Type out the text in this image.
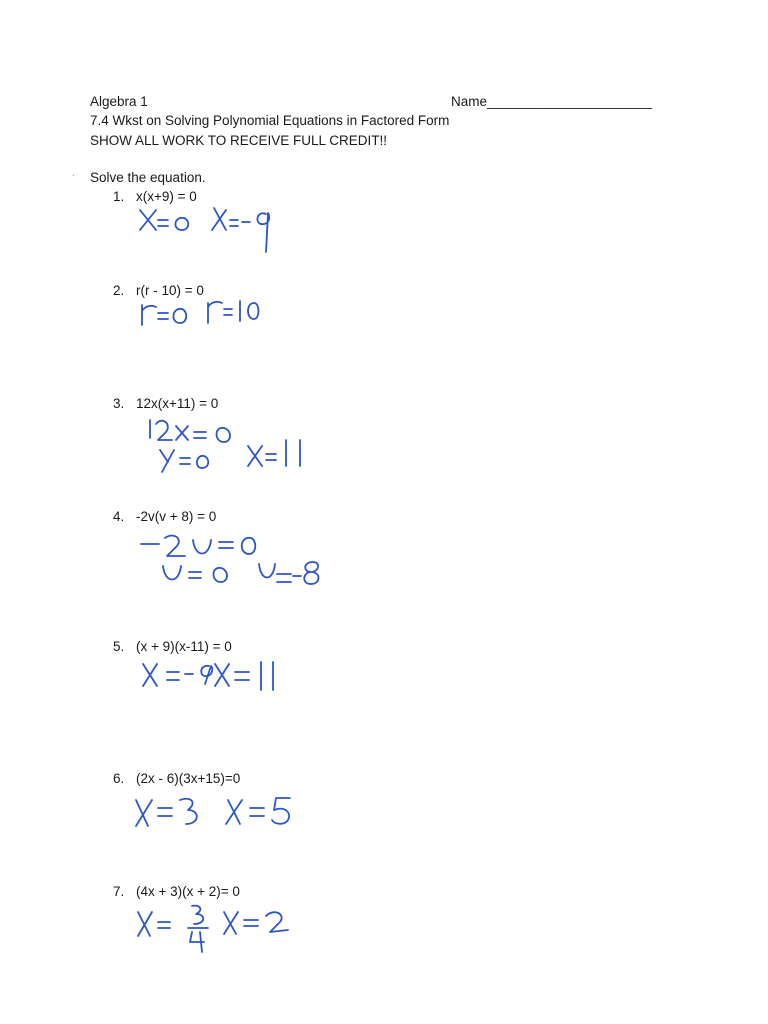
Algebra 1	Name______________________
7.4 Wkst on Solving Polynomial Equations in Factored Form
SHOW ALL WORK TO RECEIVE FULL CREDIT!!
. Solve the equation.
1. x(x+9) = 0
2. r(r - 10) = 0
3. 12x(x+11) = 0
4. -2v(v + 8) = 0
5. (x + 9)(x-11) = 0
6. (2x - 6)(3x+15)=0
7. (4x + 3)(x + 2)= 0
